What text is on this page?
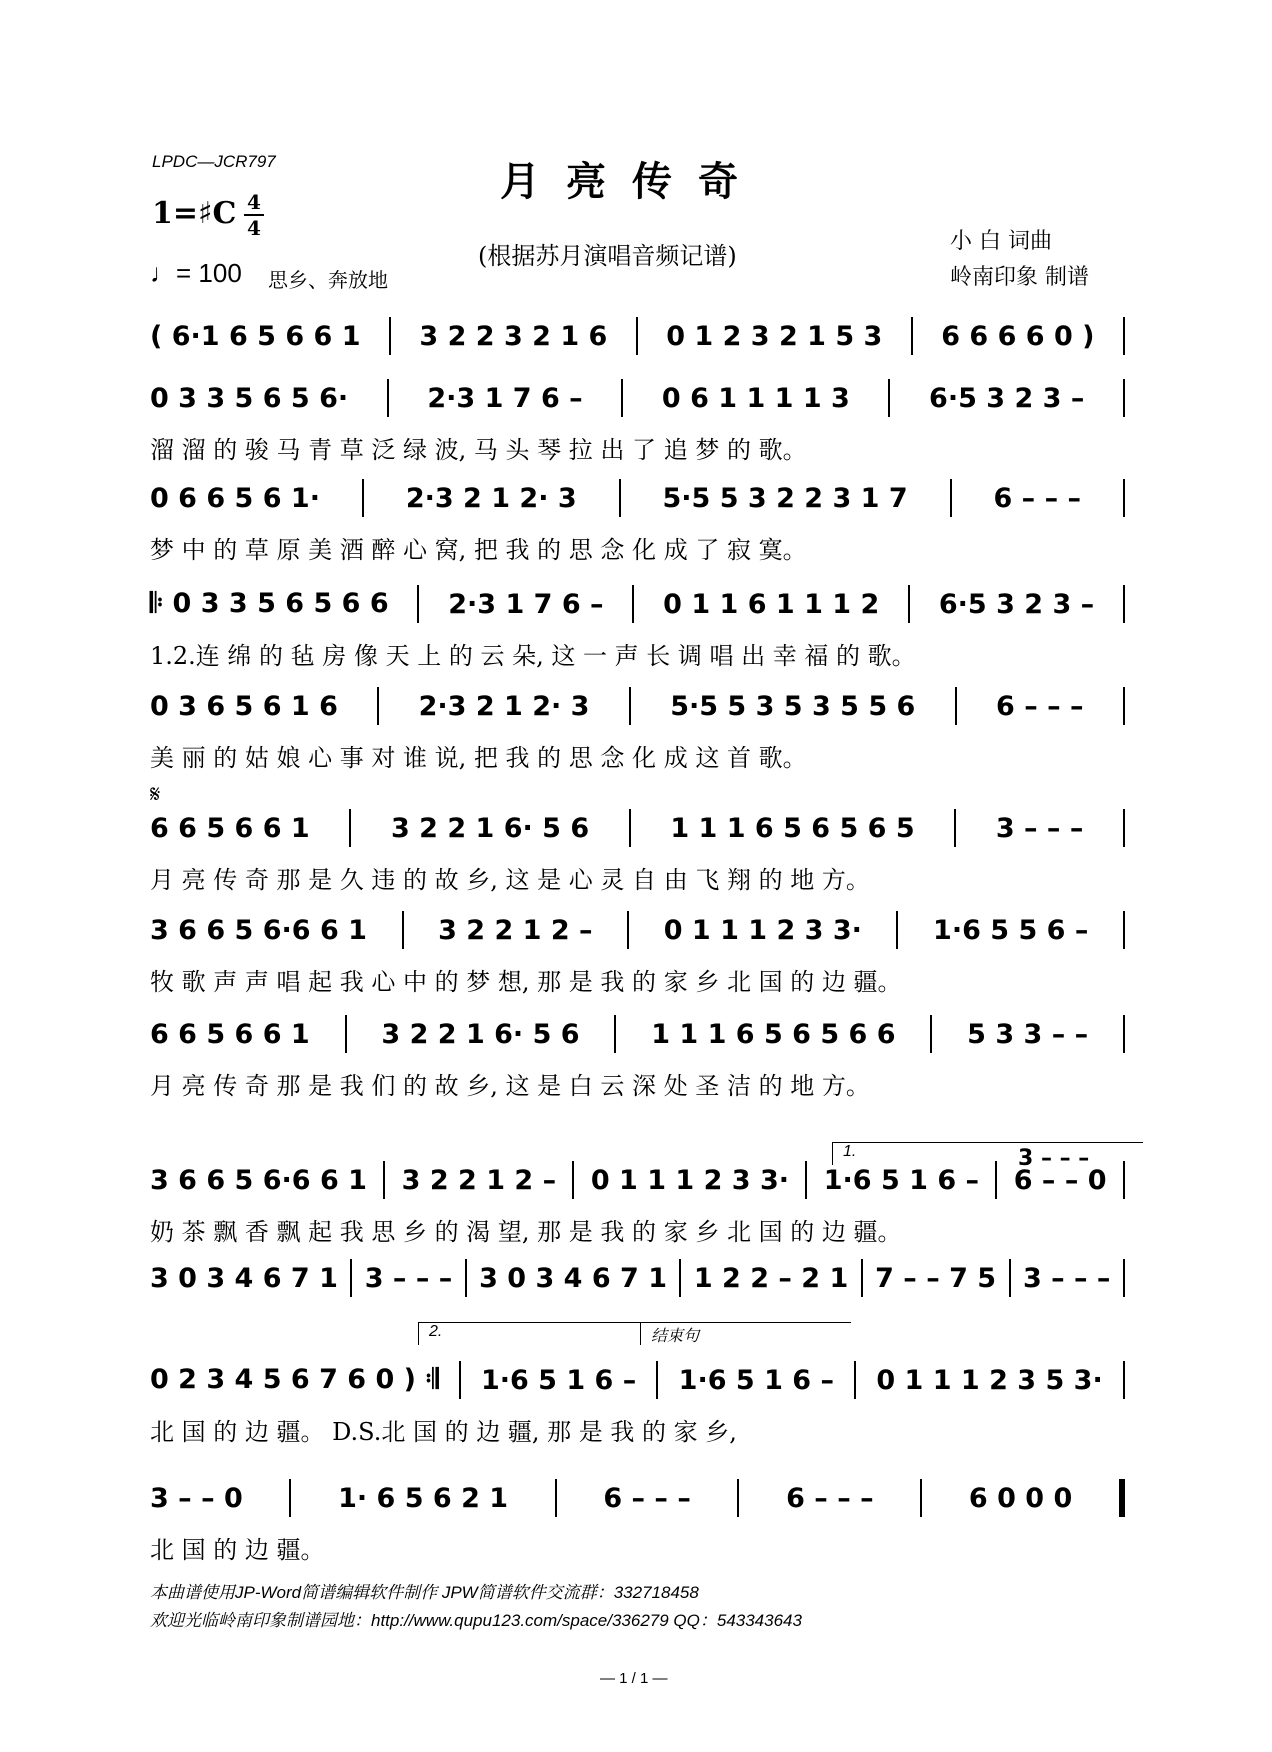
LPDC—JCR797	月亮传奇
1=♯C 4
4
(根据苏月演唱音频记谱)
♩= 100 思乡、奔放地
小 白 词曲
岭南印象 制谱
𝄋
( 6·1 6 5 6 6 1 3 2 2 3 2 1 6 0 1 2 3 2 1 5 3 6 6 6 6 0 )
0 3 3 5 6 5 6·	2·3 1 7 6 –	0 6 1 1 1 1 3	6·5 3 2 3 –
溜 溜 的 骏 马 青 草 泛 绿 波, 马 头 琴 拉 出 了 追 梦 的 歌。
0 6 6 5 6 1·	2·3 2 1 2· 3	5·5 5 3 2 2 3 1 7	6 – – –
梦 中 的 草 原 美 酒 醉 心 窝, 把 我 的 思 念 化 成 了 寂 寞。
𝄆 0 3 3 5 6 5 6 6 2·3 1 7 6 – 0 1 1 6 1 1 1 2 6·5 3 2 3 –
1.2.连 绵 的 毡 房 像 天 上 的 云 朵, 这 一 声 长 调 唱 出 幸 福 的 歌。
0 3 6 5 6 1 6	2·3 2 1 2· 3	5·5 5 3 5 3 5 5 6	6 – – –
美 丽 的 姑 娘 心 事 对 谁 说, 把 我 的 思 念 化 成 这 首 歌。
6 6 5 6 6 1	3 2 2 1 6· 5 6	1 1 1 6 5 6 5 6 5	3 – – –
月 亮 传 奇 那 是 久 违 的 故 乡, 这 是 心 灵 自 由 飞 翔 的 地 方。
3 6 6 5 6·6 6 1	3 2 2 1 2 –	0 1 1 1 2 3 3·	1·6 5 5 6 –
牧 歌 声 声 唱 起 我 心 中 的 梦 想, 那 是 我 的 家 乡 北 国 的 边 疆。
6 6 5 6 6 1	3 2 2 1 6· 5 6	1 1 1 6 5 6 5 6 6	5 3 3 – –
月 亮 传 奇 那 是 我 们 的 故 乡, 这 是 白 云 深 处 圣 洁 的 地 方。
3 6 6 5 6·6 6 1 3 2 2 1 2 – 0 1 1 1 2 3 3· 1·6 5 1 6 – 6 – – 0
奶 茶 飘 香 飘 起 我 思 乡 的 渴 望, 那 是 我 的 家 乡 北 国 的 边 疆。
3 0 3 4 6 7 1 3 – – – 3 0 3 4 6 7 1 1 2 2 – 2 1 7 – – 7 5 3 – – –
0 2 3 4 5 6 7 6 0 ) 𝄇 1·6 5 1 6 – 1·6 5 1 6 – 0 1 1 1 2 3 5 3·
北 国 的 边 疆。 D.S.北 国 的 边 疆, 那 是 我 的 家 乡,
3 – – 0	1· 6 5 6 2 1	6 – – –	6 – – –	6 0 0 0
北 国 的 边 疆。
1.	3 – – –
2.	结束句
本曲谱使用JP-Word简谱编辑软件制作 JPW简谱软件交流群：332718458
欢迎光临岭南印象制谱园地：http://www.qupu123.com/space/336279 QQ：543343643
— 1 / 1 —
